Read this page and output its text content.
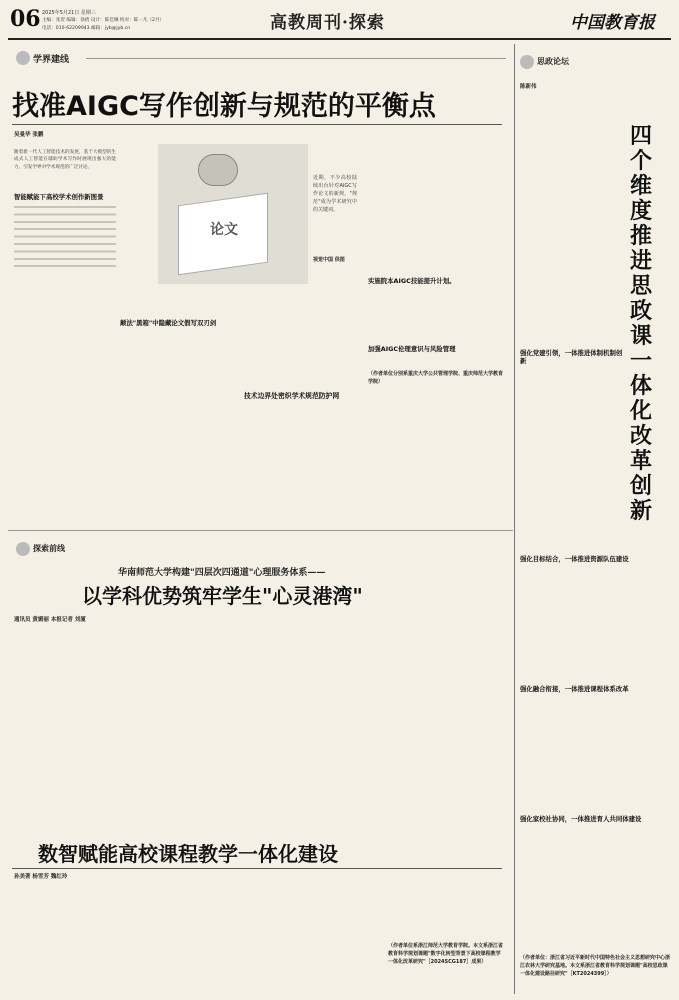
06 2025年5月21日 星期三
主编：张贺 编辑：徐倩 设计：陈佳琳 校对：陈一凡（2月）
电话：010-62209943 邮箱：jyb@jyb.cn	高教周刊·探索	中国教育报
学界建线
找准AIGC写作创新与规范的平衡点
吴曼华 张鹏
随着新一代人工智能技术的发展，基于大模型的生成式人工智能在辅助学术写作时展现出强大的能力，引发学界对学术规范的广泛讨论。
智能赋能下高校学术创作新图景
颠法"黑箱"中隐藏论文假写双刃剑
论文
近期，不少高校陆续出台针对AIGC写作论文的新规，"规范"成为学术研究中的关键词。
视觉中国 供图
实施院本AIGC技能提升计划。
加强AIGC伦理意识与风险管理
技术边界处密织学术规范防护网
（作者单位分别系重庆大学公共管理学院、重庆师范大学教育学院）
思政论坛
陈新伟
四个维度推进思政课一体化改革创新
强化党建引领，一体推进体制机制创新
强化目标结合，一体推进资源队伍建设
强化融合衔接，一体推进课程体系改革
强化家校社协同，一体推进育人共同体建设
（作者单位：浙江省习近平新时代中国特色社会主义思想研究中心浙江农林大学研究基地。本文系浙江省教育科学规划课题"高校思政课一体化建设路径研究"［KT2024399］）
探索前线
华南师范大学构建"四层次四通道"心理服务体系——
以学科优势筑牢学生"心灵港湾"
通讯员 黄媚丽 本报记者 刘厦
数智赋能高校课程教学一体化建设
孙美著 杨雪芳 魏红玲
（作者单位系浙江师范大学教育学院。本文系浙江省教育科学规划课题"数字化转型背景下高校课程教学一体化改革研究"［2024SCG187］成果）
